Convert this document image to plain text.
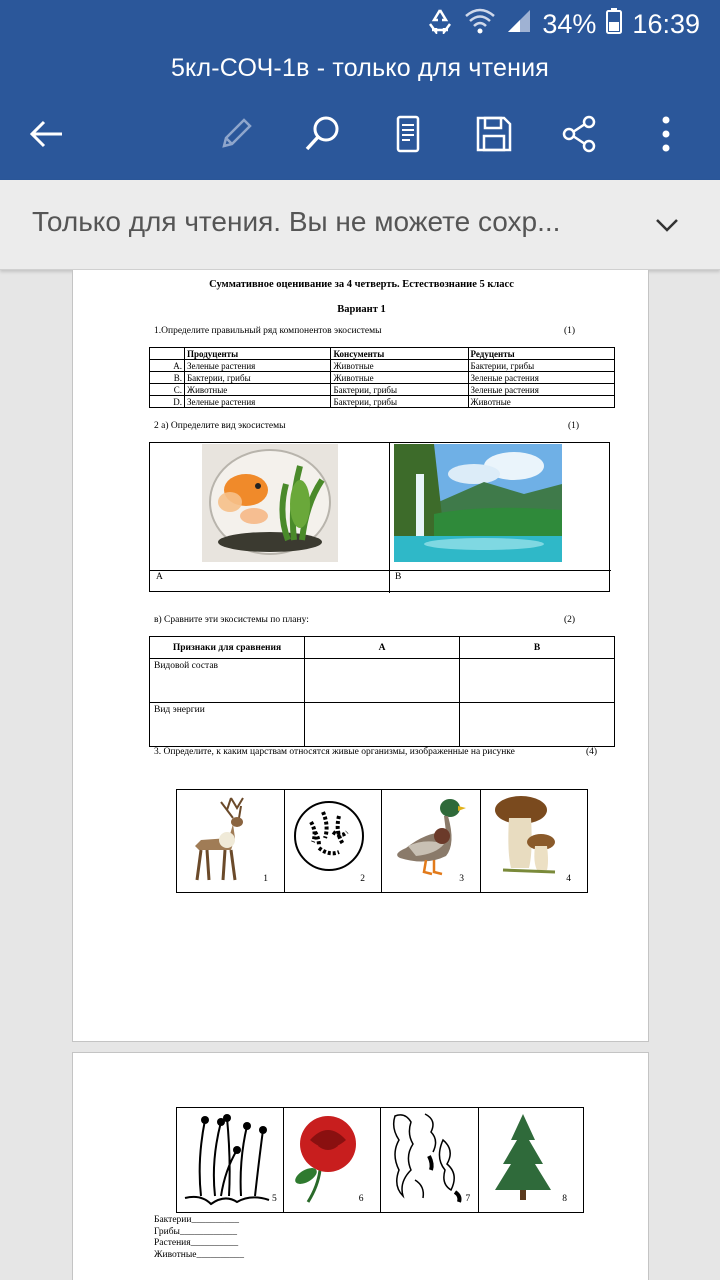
34% 16:39
5кл-СОЧ-1в - только для чтения
Только для чтения. Вы не можете сохр...
Суммативное оценивание за 4 четверть. Естествознание 5 класс
Вариант 1
1.Определите правильный ряд компонентов экосистемы	(1)
	Продуценты	Консументы	Редуценты
A.	Зеленые растения	Животные	Бактерии, грибы
B.	Бактерии, грибы	Животные	Зеленые растения
C.	Животные	Бактерии, грибы	Зеленые растения
D.	Зеленые растения	Бактерии, грибы	Животные
2 а) Определите вид экосистемы	(1)
А	В
в) Сравните эти экосистемы по плану:	(2)
Признаки для сравнения	А	В
Видовой состав		
Вид энергии		
3. Определите, к каким царствам относятся живые организмы, изображенные на рисунке	(4)
1	2	3	4
5	6	7	8
Бактерии__________
Грибы____________
Растения__________
Животные__________
